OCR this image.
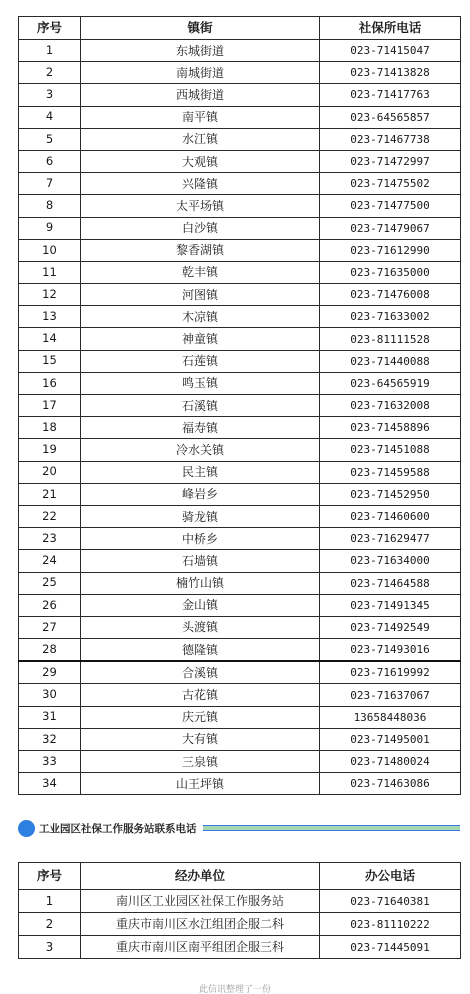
序号	镇街	社保所电话
1	东城街道	023-71415047
2	南城街道	023-71413828
3	西城街道	023-71417763
4	南平镇	023-64565857
5	水江镇	023-71467738
6	大观镇	023-71472997
7	兴隆镇	023-71475502
8	太平场镇	023-71477500
9	白沙镇	023-71479067
10	黎香湖镇	023-71612990
11	乾丰镇	023-71635000
12	河图镇	023-71476008
13	木凉镇	023-71633002
14	神童镇	023-81111528
15	石莲镇	023-71440088
16	鸣玉镇	023-64565919
17	石溪镇	023-71632008
18	福寿镇	023-71458896
19	冷水关镇	023-71451088
20	民主镇	023-71459588
21	峰岩乡	023-71452950
22	骑龙镇	023-71460600
23	中桥乡	023-71629477
24	石墙镇	023-71634000
25	楠竹山镇	023-71464588
26	金山镇	023-71491345
27	头渡镇	023-71492549
28	德隆镇	023-71493016
29	合溪镇	023-71619992
30	古花镇	023-71637067
31	庆元镇	13658448036
32	大有镇	023-71495001
33	三泉镇	023-71480024
34	山王坪镇	023-71463086
工业园区社保工作服务站联系电话
序号	经办单位	办公电话
1	南川区工业园区社保工作服务站	023-71640381
2	重庆市南川区水江组团企服二科	023-81110222
3	重庆市南川区南平组团企服三科	023-71445091
此信讯整理了一份
